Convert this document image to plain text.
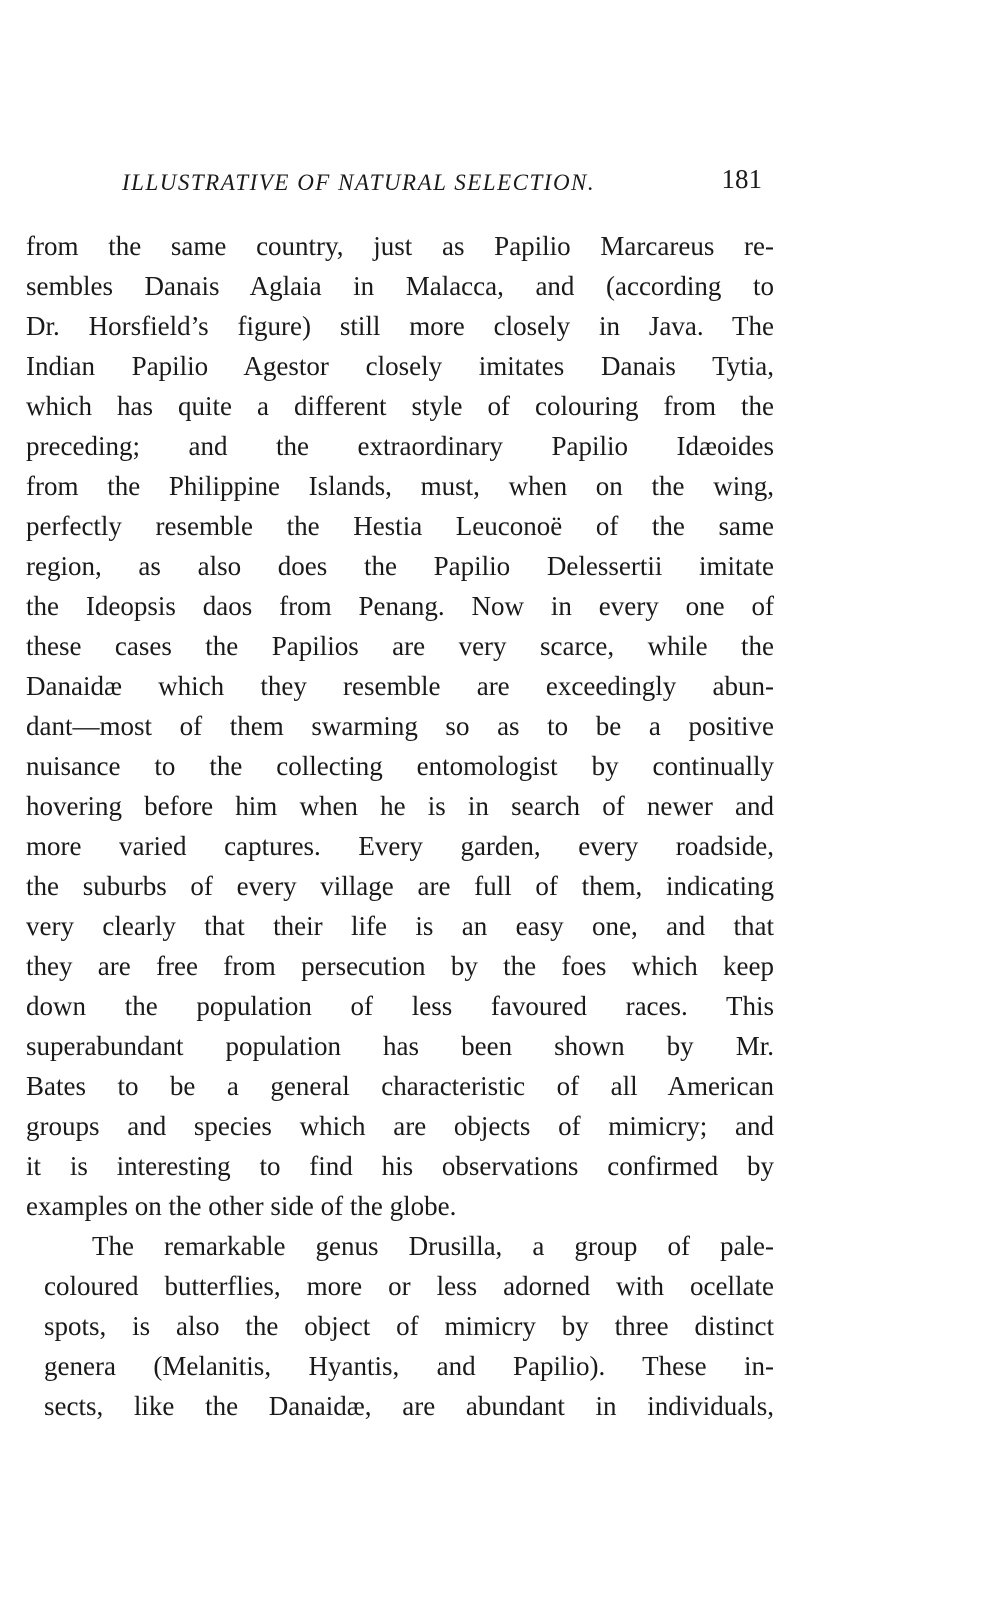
ILLUSTRATIVE OF NATURAL SELECTION.	181
from the same country, just as Papilio Marcareus re-
sembles Danais Aglaia in Malacca, and (according to
Dr. Horsfield’s figure) still more closely in Java. The
Indian Papilio Agestor closely imitates Danais Tytia,
which has quite a different style of colouring from the
preceding; and the extraordinary Papilio Idæoides
from the Philippine Islands, must, when on the wing,
perfectly resemble the Hestia Leuconoë of the same
region, as also does the Papilio Delessertii imitate
the Ideopsis daos from Penang. Now in every one of
these cases the Papilios are very scarce, while the
Danaidæ which they resemble are exceedingly abun-
dant—most of them swarming so as to be a positive
nuisance to the collecting entomologist by continually
hovering before him when he is in search of newer and
more varied captures. Every garden, every roadside,
the suburbs of every village are full of them, indicating
very clearly that their life is an easy one, and that
they are free from persecution by the foes which keep
down the population of less favoured races. This
superabundant population has been shown by Mr.
Bates to be a general characteristic of all American
groups and species which are objects of mimicry; and
it is interesting to find his observations confirmed by
examples on the other side of the globe.
The remarkable genus Drusilla, a group of pale-
coloured butterflies, more or less adorned with ocellate
spots, is also the object of mimicry by three distinct
genera (Melanitis, Hyantis, and Papilio). These in-
sects, like the Danaidæ, are abundant in individuals,
